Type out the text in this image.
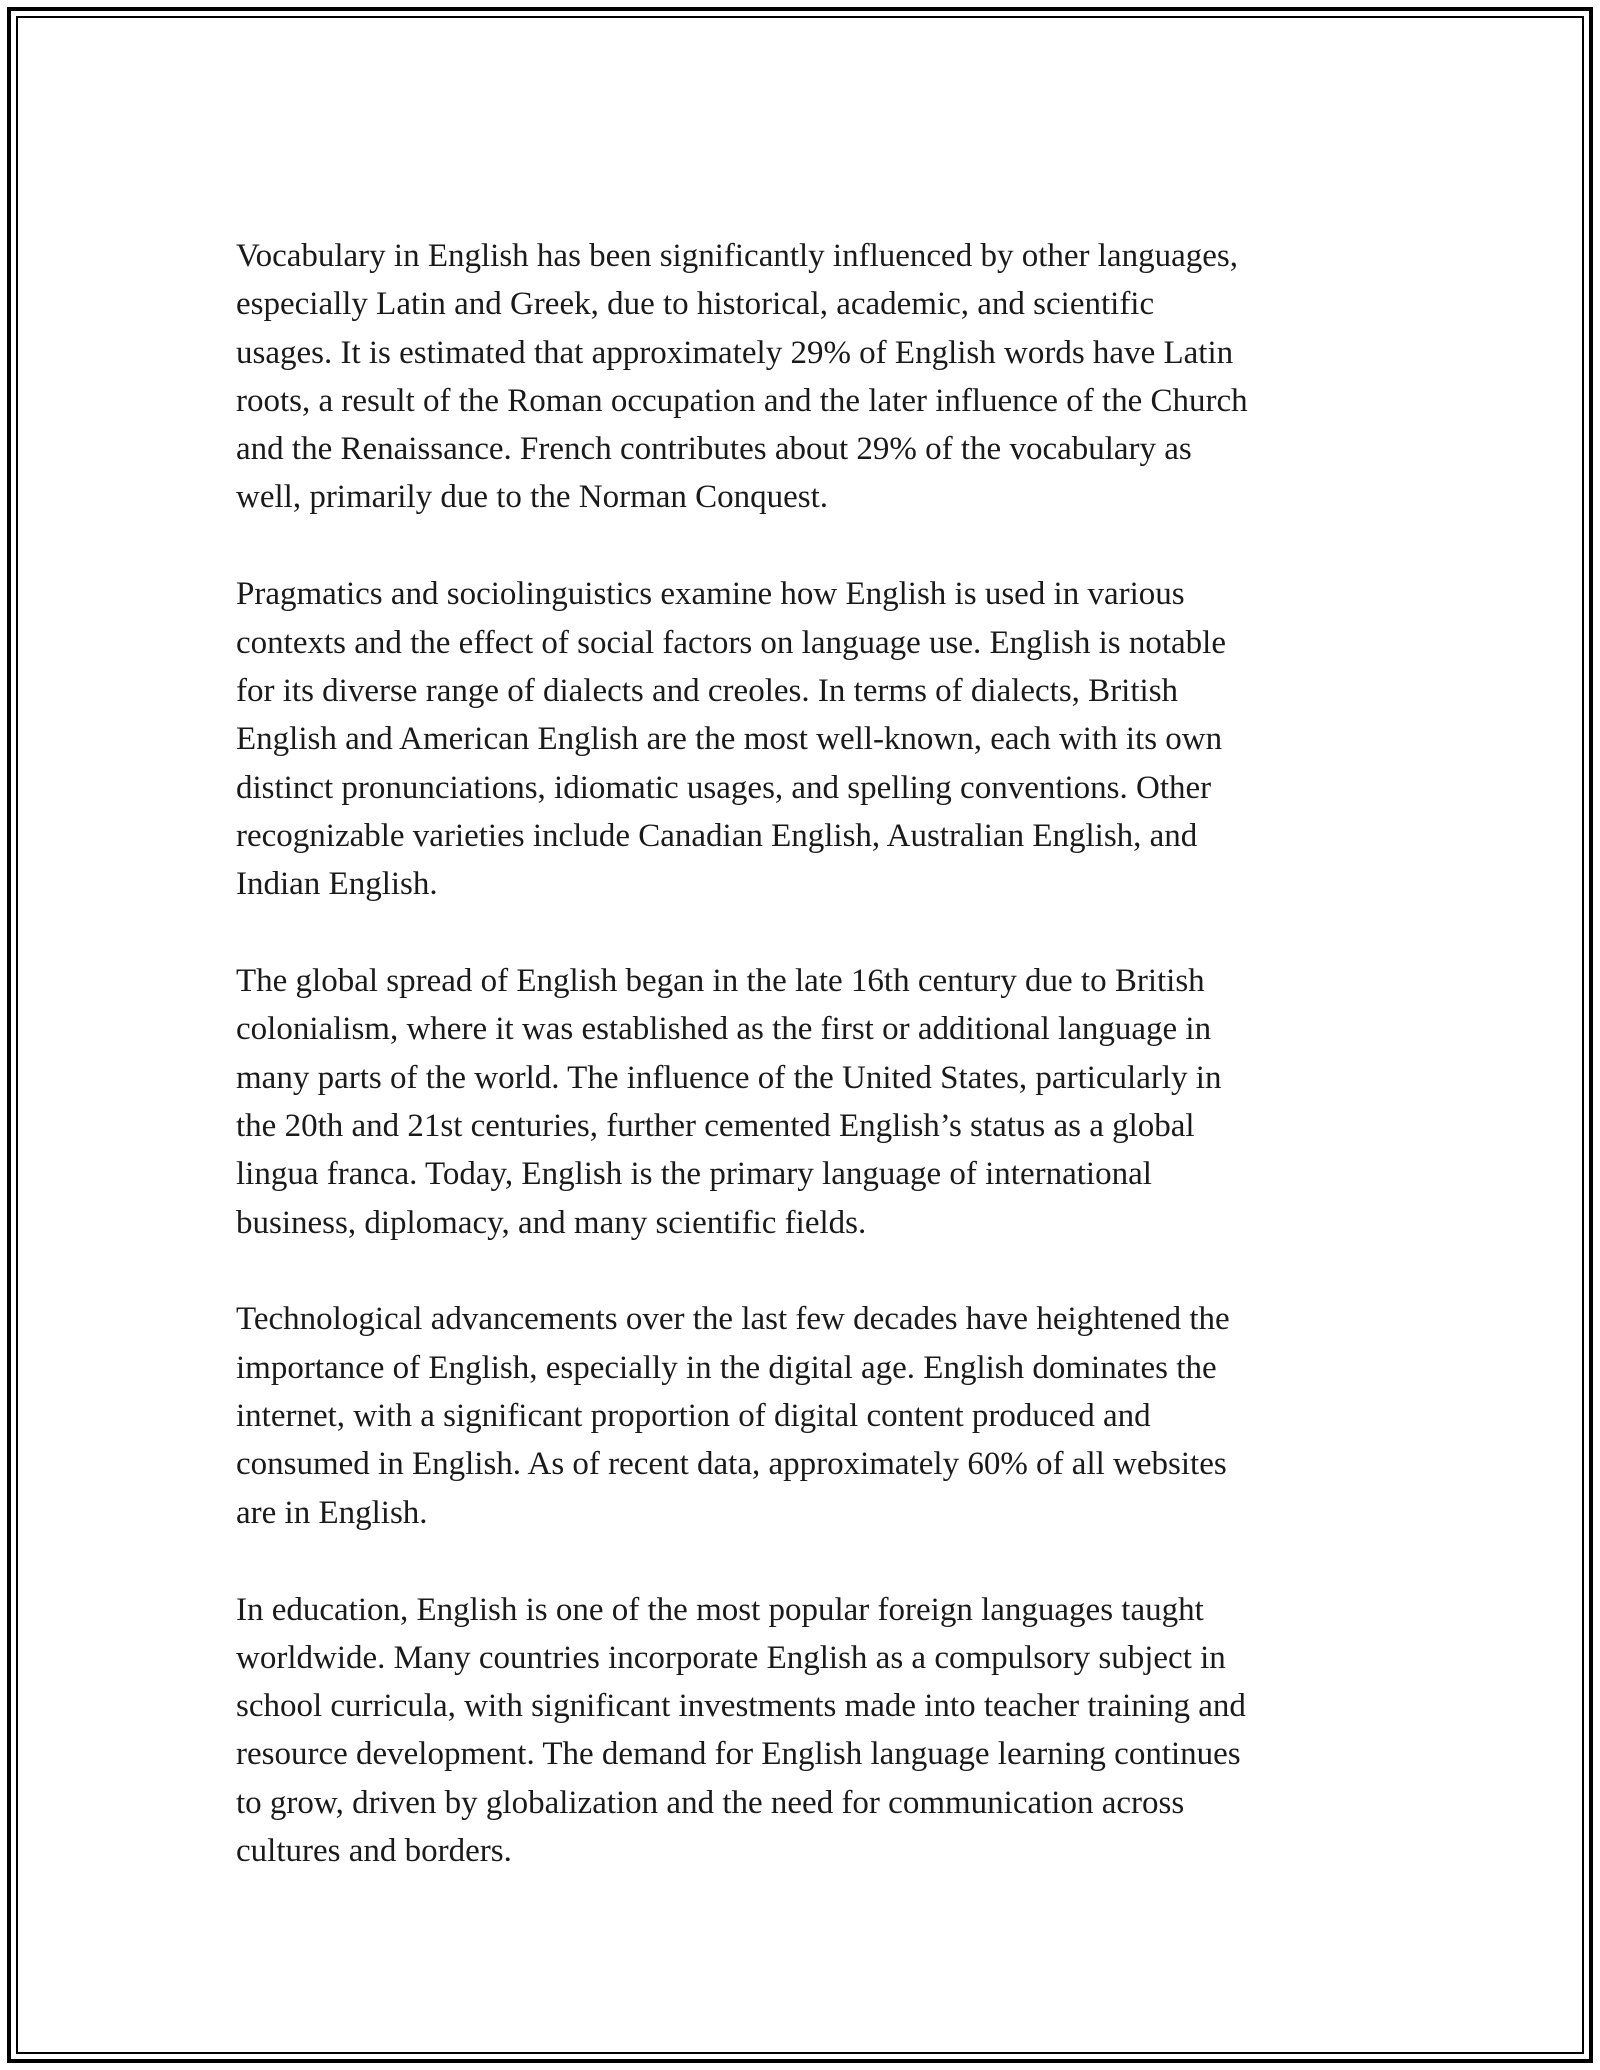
Vocabulary in English has been significantly influenced by other languages,
especially Latin and Greek, due to historical, academic, and scientific
usages. It is estimated that approximately 29% of English words have Latin
roots, a result of the Roman occupation and the later influence of the Church
and the Renaissance. French contributes about 29% of the vocabulary as
well, primarily due to the Norman Conquest.

Pragmatics and sociolinguistics examine how English is used in various
contexts and the effect of social factors on language use. English is notable
for its diverse range of dialects and creoles. In terms of dialects, British
English and American English are the most well-known, each with its own
distinct pronunciations, idiomatic usages, and spelling conventions. Other
recognizable varieties include Canadian English, Australian English, and
Indian English.

The global spread of English began in the late 16th century due to British
colonialism, where it was established as the first or additional language in
many parts of the world. The influence of the United States, particularly in
the 20th and 21st centuries, further cemented English’s status as a global
lingua franca. Today, English is the primary language of international
business, diplomacy, and many scientific fields.

Technological advancements over the last few decades have heightened the
importance of English, especially in the digital age. English dominates the
internet, with a significant proportion of digital content produced and
consumed in English. As of recent data, approximately 60% of all websites
are in English.

In education, English is one of the most popular foreign languages taught
worldwide. Many countries incorporate English as a compulsory subject in
school curricula, with significant investments made into teacher training and
resource development. The demand for English language learning continues
to grow, driven by globalization and the need for communication across
cultures and borders.
